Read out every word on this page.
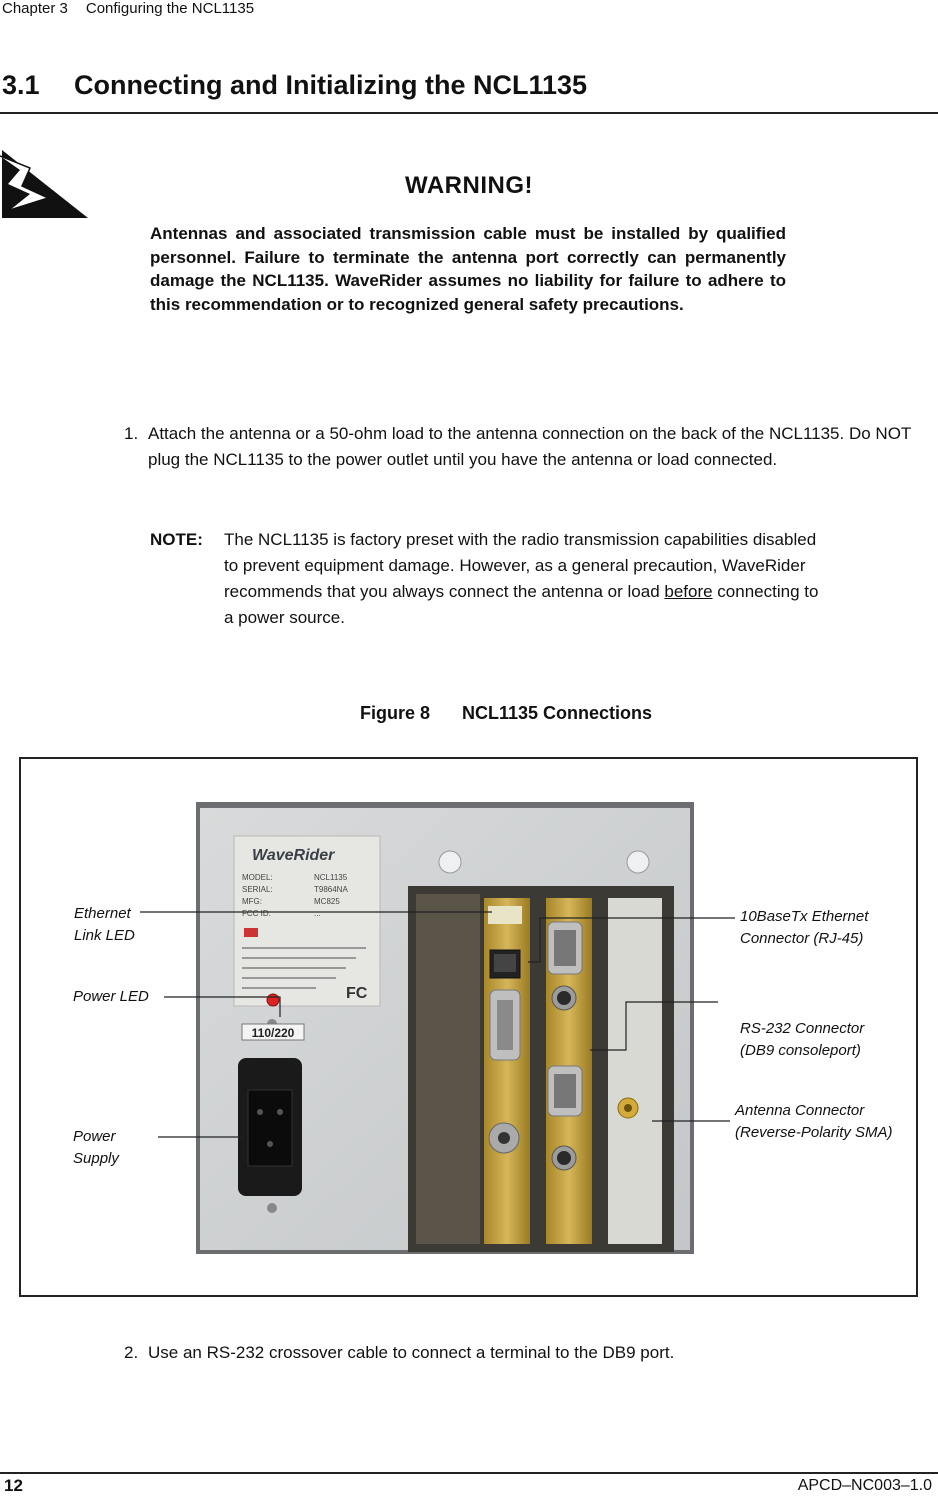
Chapter 3 Configuring the NCL1135
3.1 Connecting and Initializing the NCL1135
WARNING!
Antennas and associated transmission cable must be installed by qualified personnel. Failure to terminate the antenna port correctly can permanently damage the NCL1135. WaveRider assumes no liability for failure to adhere to this recommendation or to recognized general safety precautions.
1. Attach the antenna or a 50-ohm load to the antenna connection on the back of the NCL1135. Do NOT plug the NCL1135 to the power outlet until you have the antenna or load connected.
NOTE: The NCL1135 is factory preset with the radio transmission capabilities disabled to prevent equipment damage. However, as a general precaution, WaveRider recommends that you always connect the antenna or load before connecting to a power source.
Figure 8 NCL1135 Connections
WaveRider
MODEL:
SERIAL:
MFG:
FCC ID:
NCL1135
T9864NA
MC825
...
FC
110/220
Ethernet
Link LED
Power LED
Power
Supply
10BaseTx Ethernet
Connector (RJ-45)
RS-232 Connector
(DB9 consoleport)
Antenna Connector
(Reverse-Polarity SMA)
2. Use an RS-232 crossover cable to connect a terminal to the DB9 port.
12	APCD–NC003–1.0
